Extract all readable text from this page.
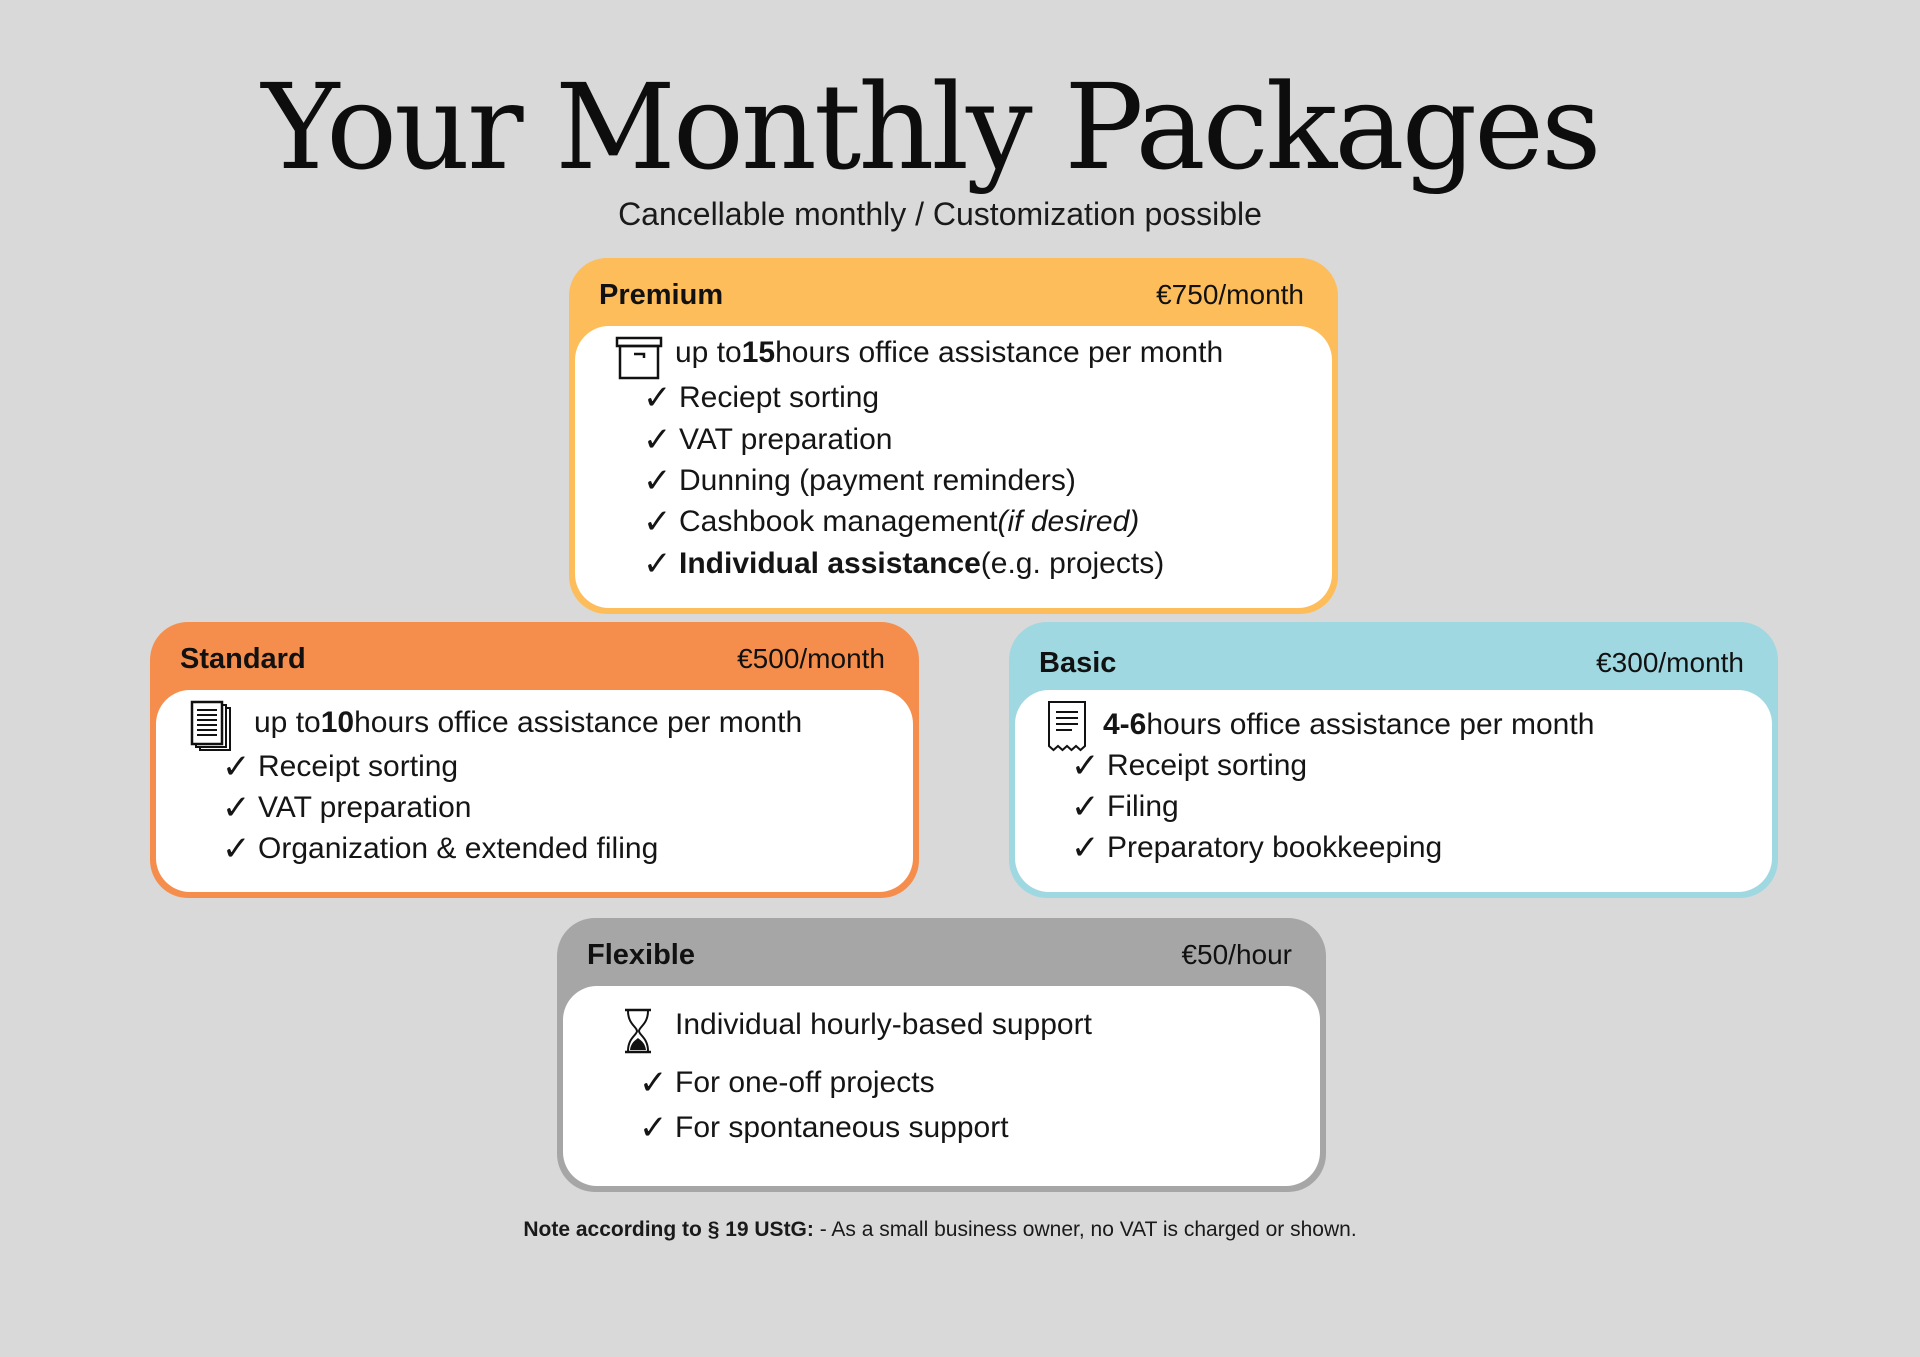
Your Monthly Packages
Cancellable monthly / Customization possible
Premium	€750/month
up to 15 hours office assistance per month
✓ Reciept sorting
✓ VAT preparation
✓ Dunning (payment reminders)
✓ Cashbook management (if desired)
✓ Individual assistance (e.g. projects)
Standard	€500/month
up to 10 hours office assistance per month
✓ Receipt sorting
✓ VAT preparation
✓ Organization & extended filing
Basic	€300/month
4-6 hours office assistance per month
✓ Receipt sorting
✓ Filing
✓ Preparatory bookkeeping
Flexible	€50/hour
Individual hourly-based support
✓ For one-off projects
✓ For spontaneous support
Note according to § 19 UStG: - As a small business owner, no VAT is charged or shown.
